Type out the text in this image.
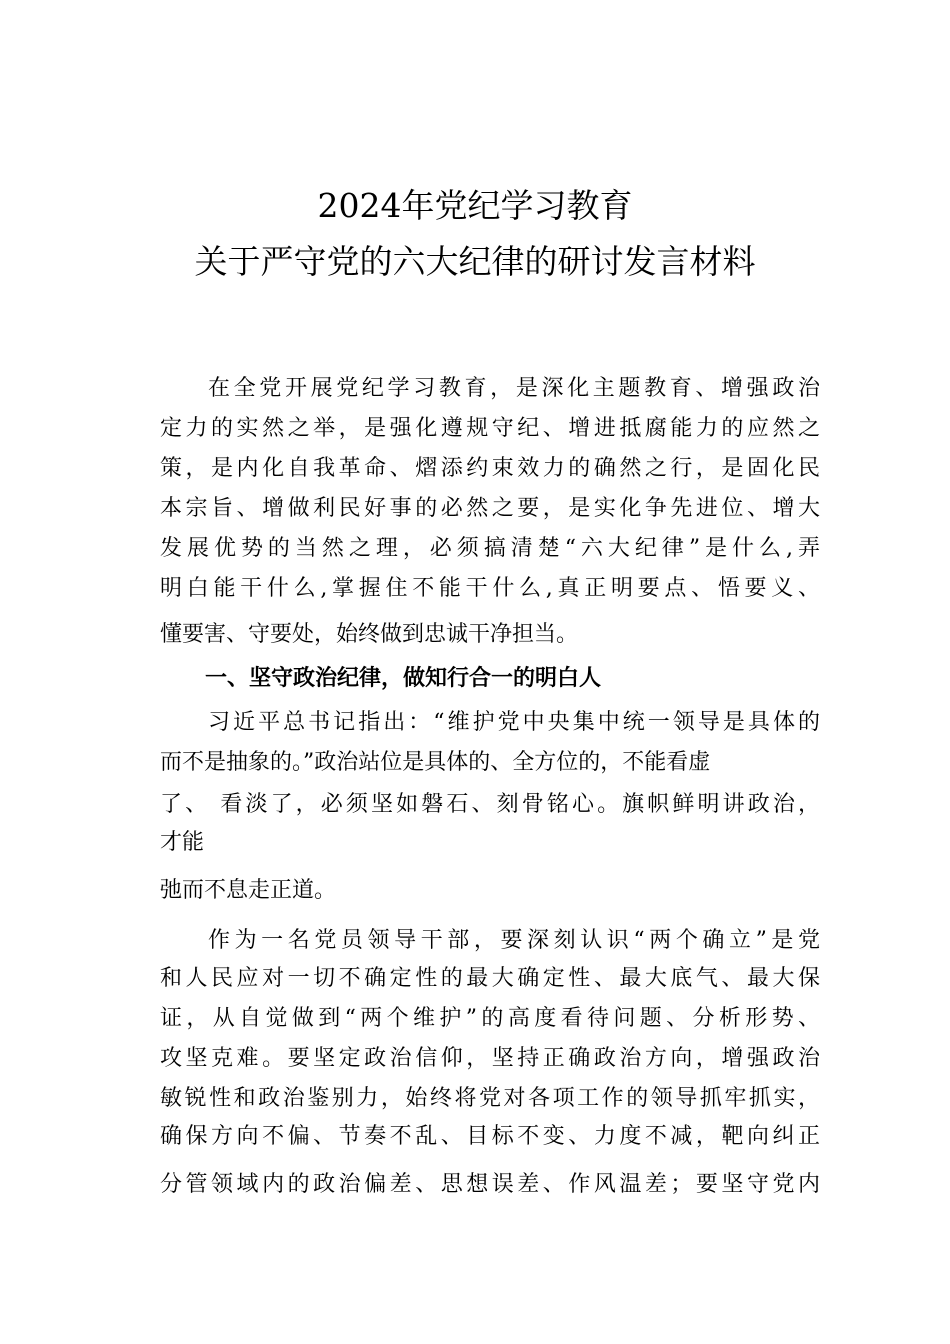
2024年党纪学习教育
关于严守党的六大纪律的研讨发言材料
在全党开展党纪学习教育，是深化主题教育、增强政治
定力的实然之举，是强化遵规守纪、增进抵腐能力的应然之
策，是内化自我革命、熠添约束效力的确然之行，是固化民
本宗旨、增做利民好事的必然之要，是实化争先进位、增大
发展优势的当然之理，必须搞清楚“六大纪律”是什么,弄
明白能干什么,掌握住不能干什么,真正明要点、悟要义、
懂要害、守要处，始终做到忠诚干净担当。
一、坚守政治纪律，做知行合一的明白人
习近平总书记指出：“维护党中央集中统一领导是具体的
而不是抽象的。”政治站位是具体的、全方位的，不能看虚
了、 看淡了，必须坚如磐石、刻骨铭心。旗帜鲜明讲政治，
才能
弛而不息走正道。
作为一名党员领导干部，要深刻认识“两个确立”是党
和人民应对一切不确定性的最大确定性、最大底气、最大保
证，从自觉做到“两个维护”的高度看待问题、分析形势、
攻坚克难。要坚定政治信仰，坚持正确政治方向，增强政治
敏锐性和政治鉴别力，始终将党对各项工作的领导抓牢抓实，
确保方向不偏、节奏不乱、目标不变、力度不减，靶向纠正
分管领域内的政治偏差、思想误差、作风温差；要坚守党内
